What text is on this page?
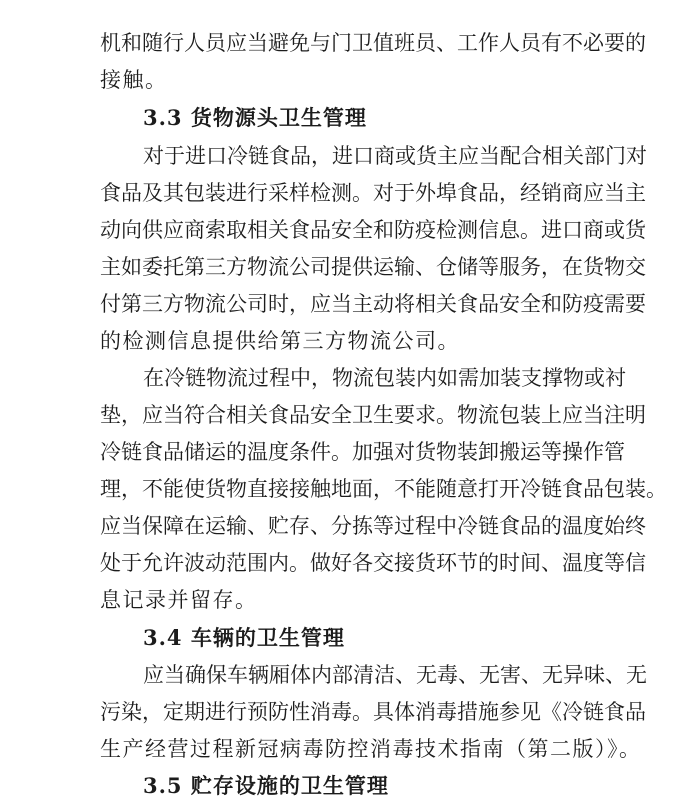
机和随行人员应当避免与门卫值班员、工作人员有不必要的
接触。
3.3 货物源头卫生管理
对于进口冷链食品，进口商或货主应当配合相关部门对
食品及其包装进行采样检测。对于外埠食品，经销商应当主
动向供应商索取相关食品安全和防疫检测信息。进口商或货
主如委托第三方物流公司提供运输、仓储等服务，在货物交
付第三方物流公司时，应当主动将相关食品安全和防疫需要
的检测信息提供给第三方物流公司。
在冷链物流过程中，物流包装内如需加装支撑物或衬
垫，应当符合相关食品安全卫生要求。物流包装上应当注明
冷链食品储运的温度条件。加强对货物装卸搬运等操作管
理，不能使货物直接接触地面，不能随意打开冷链食品包装。
应当保障在运输、贮存、分拣等过程中冷链食品的温度始终
处于允许波动范围内。做好各交接货环节的时间、温度等信
息记录并留存。
3.4 车辆的卫生管理
应当确保车辆厢体内部清洁、无毒、无害、无异味、无
污染，定期进行预防性消毒。具体消毒措施参见《冷链食品
生产经营过程新冠病毒防控消毒技术指南（第二版）》。
3.5 贮存设施的卫生管理
